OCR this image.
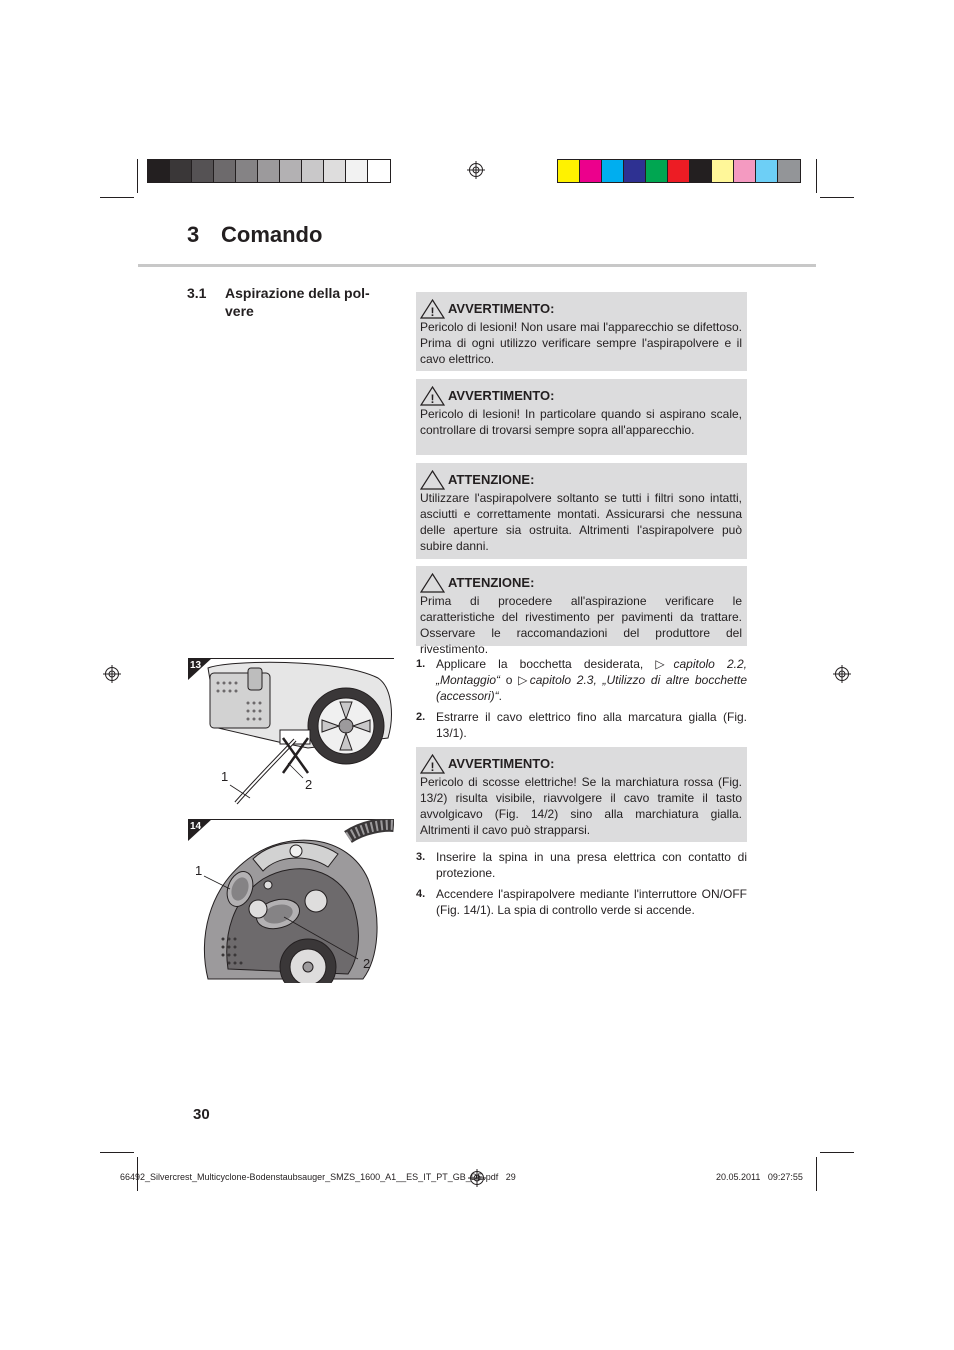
3 Comando
3.1 Aspirazione della pol-
vere	! AVVERTIMENTO:
Pericolo di lesioni! Non usare mai l'apparecchio se difettoso. Prima di ogni utilizzo verificare sempre l'aspirapolvere e il cavo elettrico.
! AVVERTIMENTO:
Pericolo di lesioni! In particolare quando si aspirano scale, controllare di trovarsi sempre sopra all'apparecchio.
ATTENZIONE:
Utilizzare l'aspirapolvere soltanto se tutti i filtri sono intatti, asciutti e correttamente montati. Assicurarsi che nessuna delle aperture sia ostruita. Altrimenti l'aspirapolvere può subire danni.
ATTENZIONE:
Prima di procedere all'aspirazione verificare le caratteristiche del rivestimento per pavimenti da trattare. Osservare le raccomandazioni del produttore del rivestimento.
1. Applicare la bocchetta desiderata, ▷capitolo 2.2, „Montaggio“ o ▷capitolo 2.3, „Utilizzo di altre bocchette (accessori)“.
2. Estrarre il cavo elettrico fino alla marcatura gialla (Fig. 13/1).
! AVVERTIMENTO:
Pericolo di scosse elettriche! Se la marchiatura rossa (Fig. 13/2) risulta visibile, riavvolgere il cavo tramite il tasto avvolgicavo (Fig. 14/2) sino alla marchiatura gialla. Altrimenti il cavo può strapparsi.
3. Inserire la spina in una presa elettrica con contatto di protezione.
4. Accendere l'aspirapolvere mediante l'interruttore ON/OFF (Fig. 14/1). La spia di controllo verde si accende.
13
1
2
14
1
2
30
66492_Silvercrest_Multicyclone-Bodenstaubsauger_SMZS_1600_A1__ES_IT_PT_GB_DE.pdf   29	20.05.2011   09:27:55
